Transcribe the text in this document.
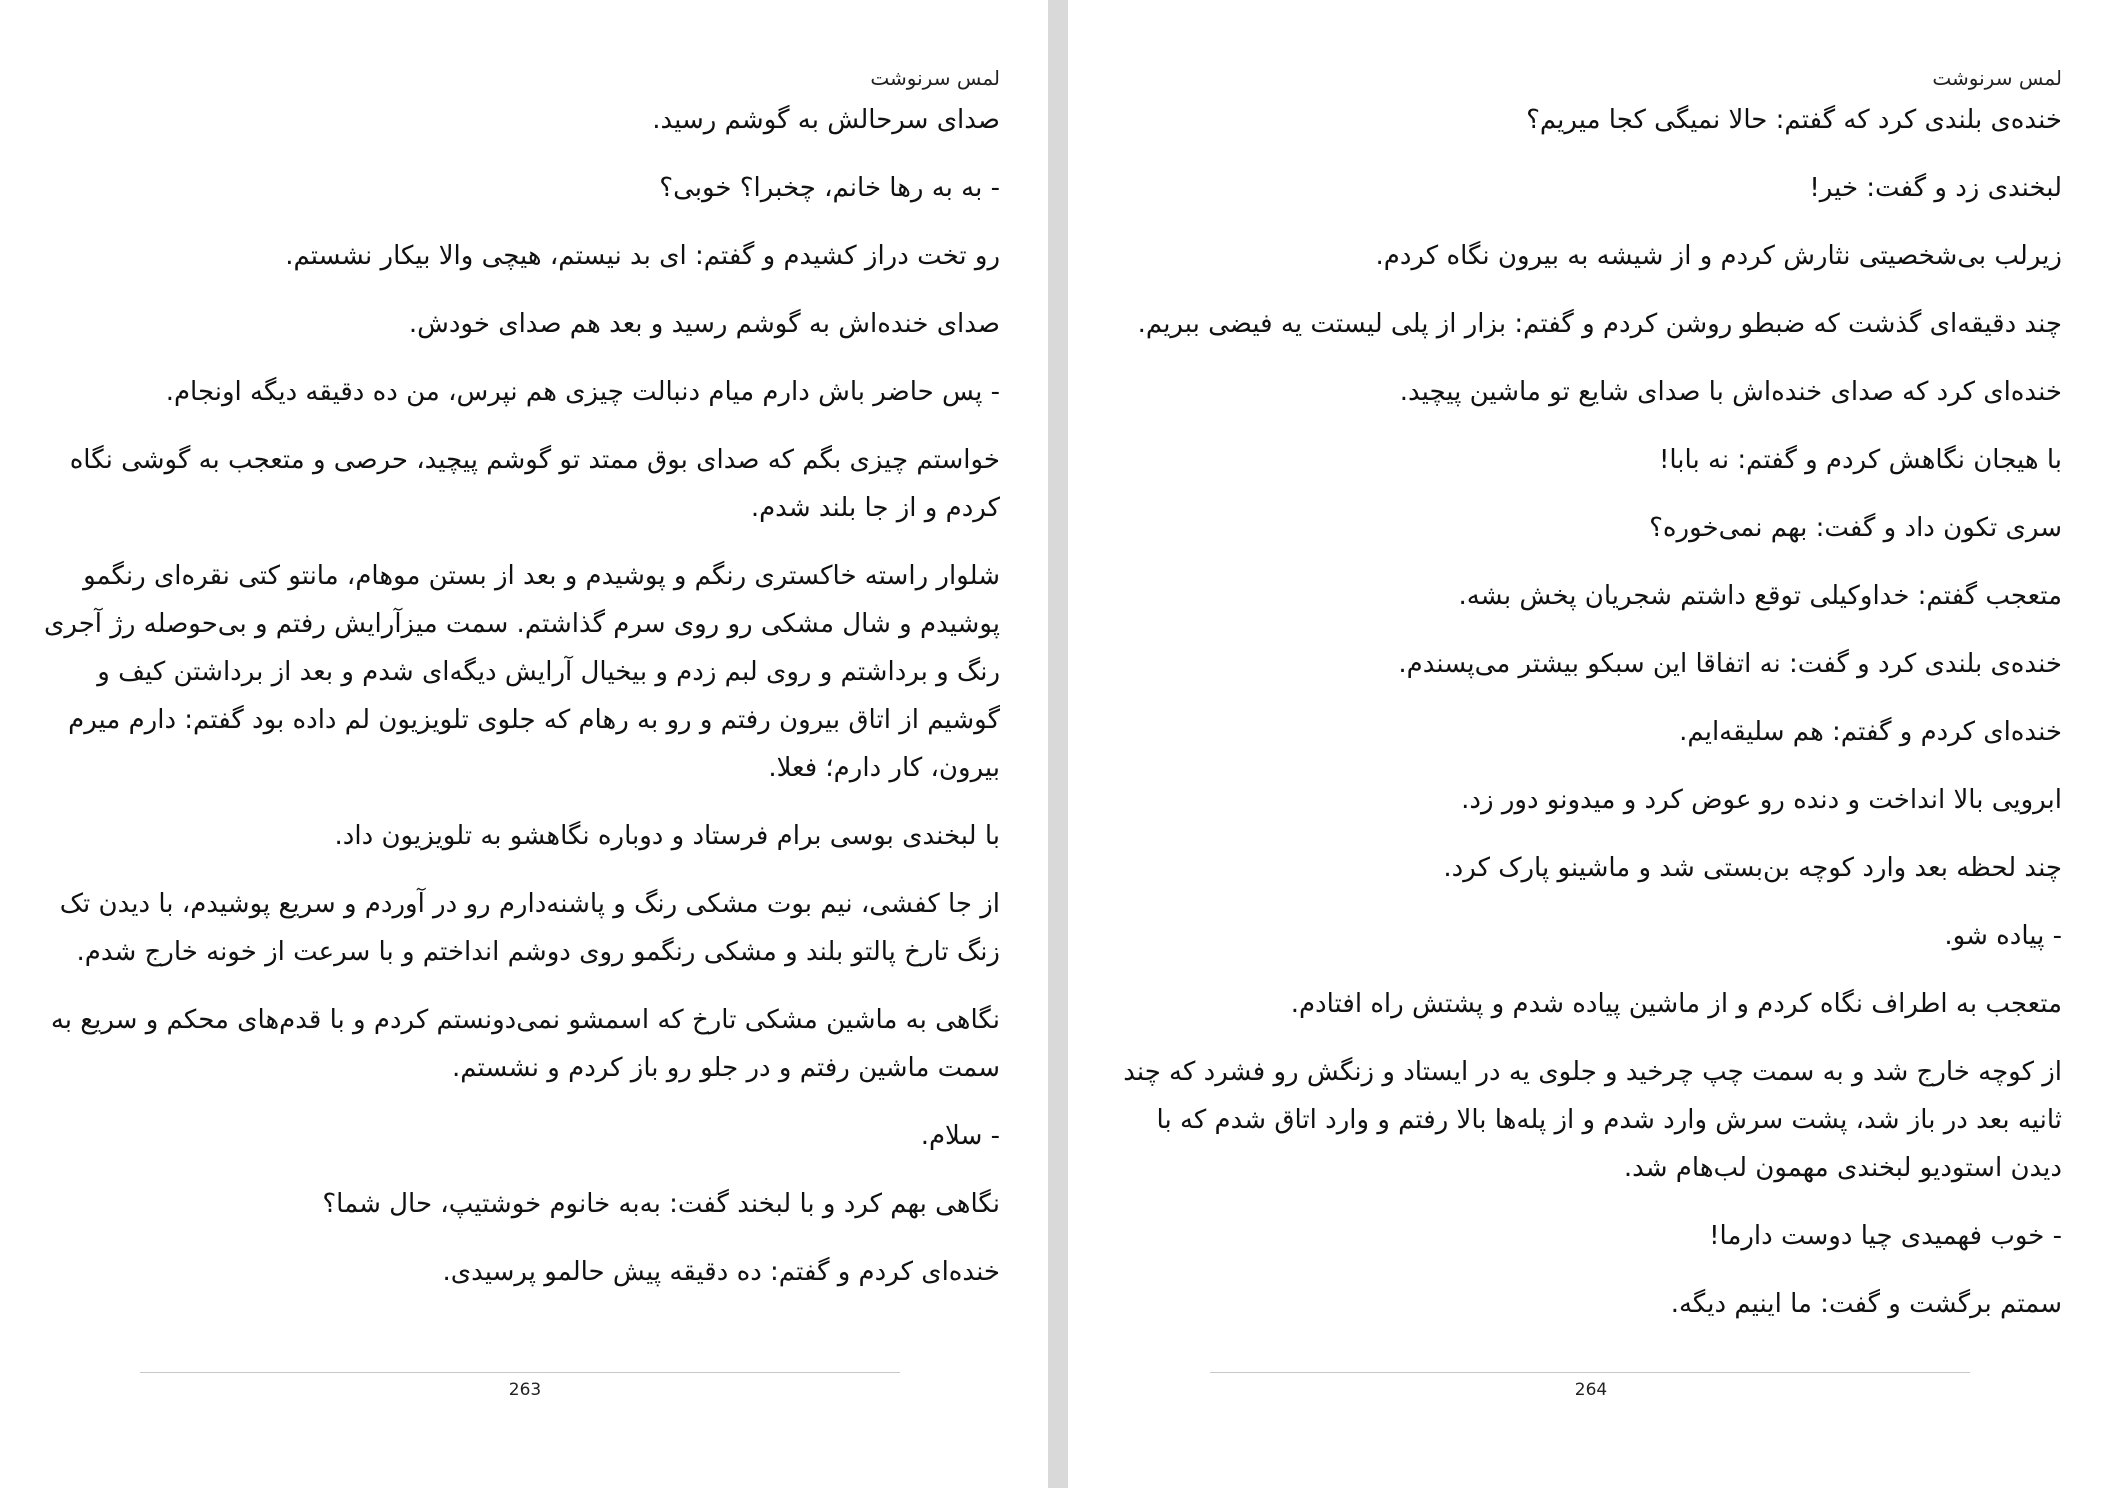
لمس سرنوشت

صدای سرحالش به گوشم رسید.

- به به رها خانم، چخبرا؟ خوبی؟

رو تخت دراز کشیدم و گفتم: ای بد نیستم، هیچی والا بیکار نشستم.

صدای خنده‌اش به گوشم رسید و بعد هم صدای خودش.

- پس حاضر باش دارم میام دنبالت چیزی هم نپرس، من ده دقیقه دیگه اونجام.

خواستم چیزی بگم که صدای بوق ممتد تو گوشم پیچید، حرصی و متعجب به گوشی نگاه کردم و از جا بلند شدم.

شلوار راسته خاکستری رنگم و پوشیدم و بعد از بستن موهام، مانتو کتی نقره‌ای رنگمو پوشیدم و شال مشکی رو روی سرم گذاشتم. سمت میزآرایش رفتم و بی‌حوصله رژ آجری رنگ و برداشتم و روی لبم زدم و بیخیال آرایش دیگه‌ای شدم و بعد از برداشتن کیف و گوشیم از اتاق بیرون رفتم و رو به رهام که جلوی تلویزیون لم داده بود گفتم: دارم میرم بیرون، کار دارم؛ فعلا.

با لبخندی بوسی برام فرستاد و دوباره نگاهشو به تلویزیون داد.

از جا کفشی، نیم بوت مشکی رنگ و پاشنه‌دارم رو در آوردم و سریع پوشیدم، با دیدن تک زنگ تارخ پالتو بلند و مشکی رنگمو روی دوشم انداختم و با سرعت از خونه خارج شدم.

نگاهی به ماشین مشکی تارخ که اسمشو نمی‌دونستم کردم و با قدم‌های محکم و سریع به سمت ماشین رفتم و در جلو رو باز کردم و نشستم.

- سلام.

نگاهی بهم کرد و با لبخند گفت: به‌به خانوم خوشتیپ، حال شما؟

خنده‌ای کردم و گفتم: ده دقیقه پیش حالمو پرسیدی.

263
لمس سرنوشت

خنده‌ی بلندی کرد که گفتم: حالا نمیگی کجا میریم؟

لبخندی زد و گفت: خیر!

زیرلب بی‌شخصیتی نثارش کردم و از شیشه به بیرون نگاه کردم.

چند دقیقه‌ای گذشت که ضبطو روشن کردم و گفتم: بزار از پلی لیستت یه فیضی ببریم.

خنده‌ای کرد که صدای خنده‌اش با صدای شایع تو ماشین پیچید.

با هیجان نگاهش کردم و گفتم: نه بابا!

سری تکون داد و گفت: بهم نمی‌خوره؟

متعجب گفتم: خداوکیلی توقع داشتم شجریان پخش بشه.

خنده‌ی بلندی کرد و گفت: نه اتفاقا این سبکو بیشتر می‌پسندم.

خنده‌ای کردم و گفتم: هم سلیقه‌ایم.

ابرویی بالا انداخت و دنده رو عوض کرد و میدونو دور زد.

چند لحظه بعد وارد کوچه بن‌بستی شد و ماشینو پارک کرد.

- پیاده شو.

متعجب به اطراف نگاه کردم و از ماشین پیاده شدم و پشتش راه افتادم.

از کوچه خارج شد و به سمت چپ چرخید و جلوی یه در ایستاد و زنگش رو فشرد که چند ثانیه بعد در باز شد، پشت سرش وارد شدم و از پله‌ها بالا رفتم و وارد اتاق شدم که با دیدن استودیو لبخندی مهمون لب‌هام شد.

- خوب فهمیدی چیا دوست دارما!

سمتم برگشت و گفت: ما اینیم دیگه.

264
